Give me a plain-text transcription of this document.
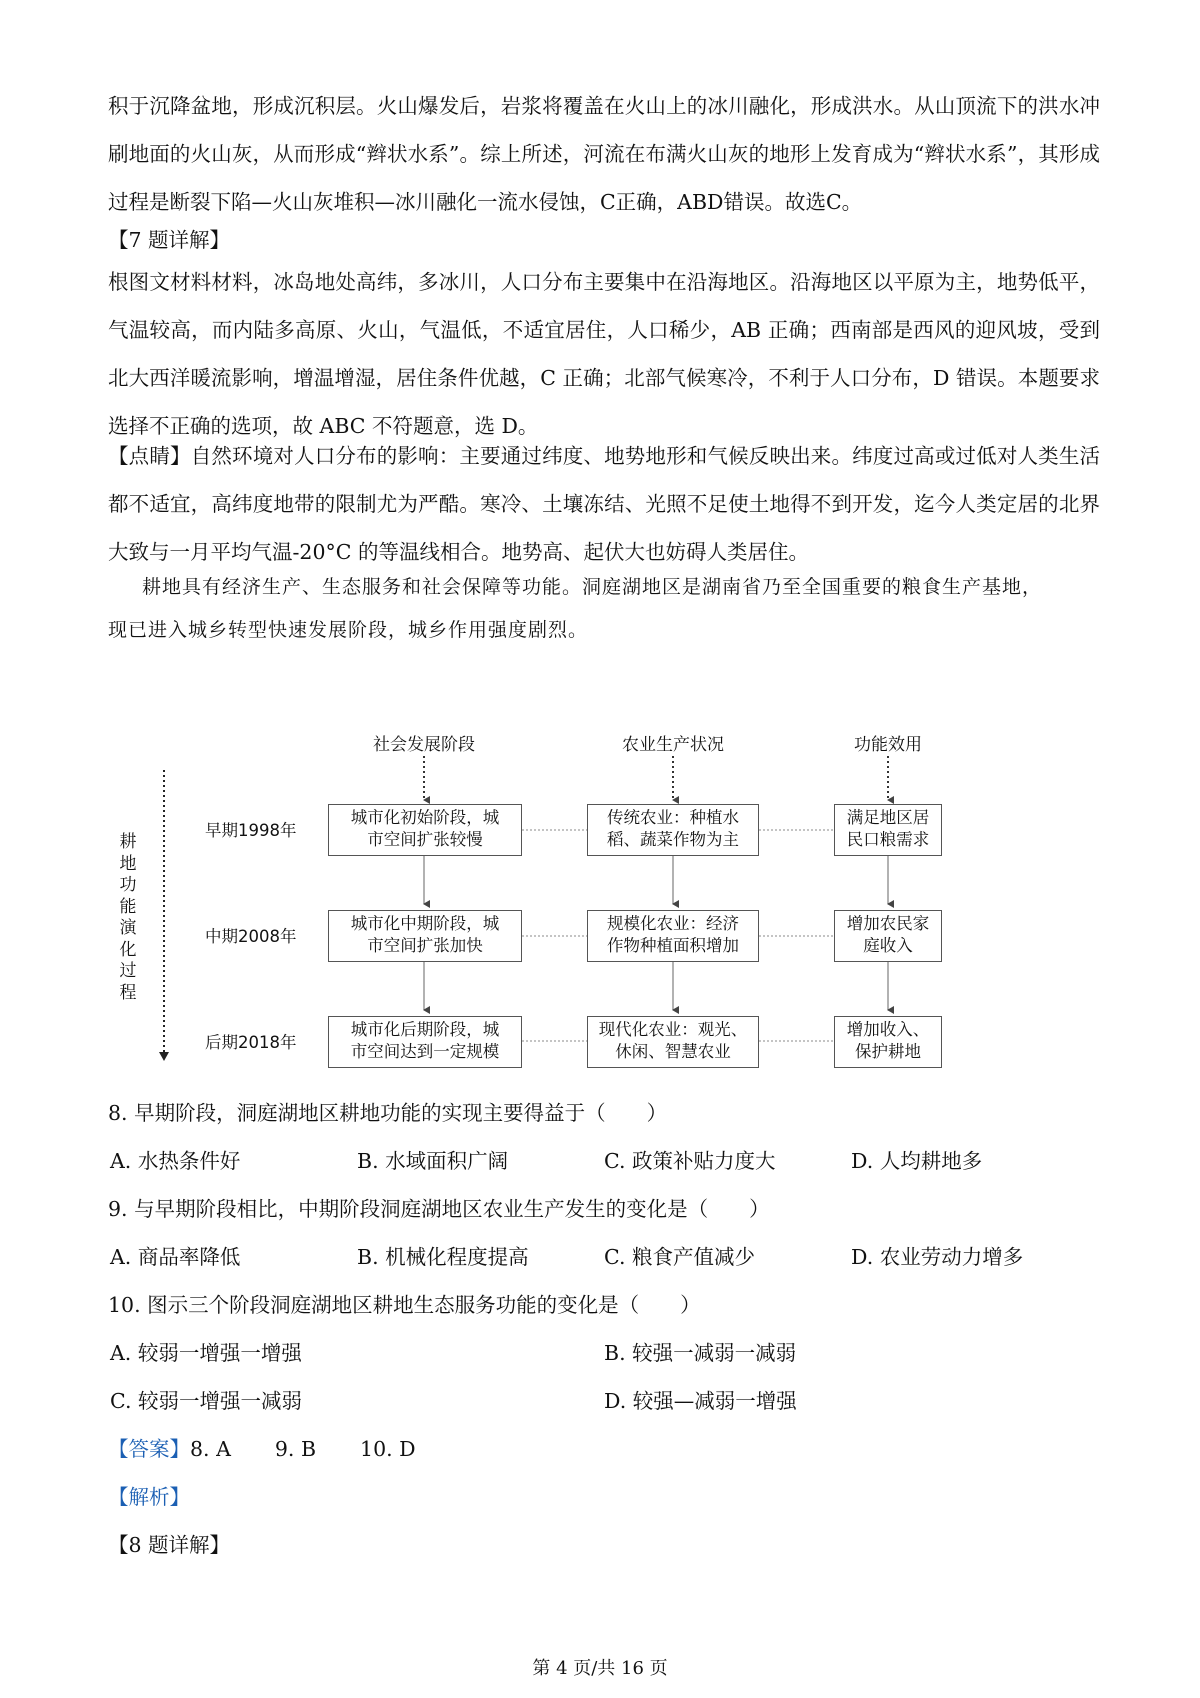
积于沉降盆地，形成沉积层。火山爆发后，岩浆将覆盖在火山上的冰川融化，形成洪水。从山顶流下的洪水冲刷地面的火山灰，从而形成“辫状水系”。综上所述，河流在布满火山灰的地形上发育成为“辫状水系”，其形成过程是断裂下陷—火山灰堆积—冰川融化一流水侵蚀，C正确，ABD错误。故选C。

【7 题详解】

根图文材料材料，冰岛地处高纬，多冰川，人口分布主要集中在沿海地区。沿海地区以平原为主，地势低平，气温较高，而内陆多高原、火山，气温低，不适宜居住，人口稀少，AB 正确；西南部是西风的迎风坡，受到北大西洋暖流影响，增温增湿，居住条件优越，C 正确；北部气候寒冷，不利于人口分布，D 错误。本题要求选择不正确的选项，故 ABC 不符题意，选 D。

【点睛】自然环境对人口分布的影响：主要通过纬度、地势地形和气候反映出来。纬度过高或过低对人类生活都不适宜，高纬度地带的限制尤为严酷。寒冷、土壤冻结、光照不足使土地得不到开发，迄今人类定居的北界大致与一月平均气温-20°C 的等温线相合。地势高、起伏大也妨碍人类居住。

耕地具有经济生产、生态服务和社会保障等功能。洞庭湖地区是湖南省乃至全国重要的粮食生产基地，

现已进入城乡转型快速发展阶段，城乡作用强度剧烈。

社会发展阶段	农业生产状况	功能效用
耕地功能演化过程
早期1998年
中期2008年
后期2018年
城市化初始阶段，城
市空间扩张较慢
传统农业：种植水
稻、蔬菜作物为主
满足地区居
民口粮需求
城市化中期阶段，城
市空间扩张加快
规模化农业：经济
作物种植面积增加
增加农民家
庭收入
城市化后期阶段，城
市空间达到一定规模
现代化农业：观光、
休闲、智慧农业
增加收入、
保护耕地

8. 早期阶段，洞庭湖地区耕地功能的实现主要得益于（　　）

A. 水热条件好	B. 水域面积广阔	C. 政策补贴力度大	D. 人均耕地多

9. 与早期阶段相比，中期阶段洞庭湖地区农业生产发生的变化是（　　）

A. 商品率降低	B. 机械化程度提高	C. 粮食产值减少	D. 农业劳动力增多

10. 图示三个阶段洞庭湖地区耕地生态服务功能的变化是（　　）

A. 较弱一增强一增强	B. 较强一减弱一减弱
C. 较弱一增强一减弱	D. 较强—减弱一增强

【答案】8. A 9. B 10. D

【解析】

【8 题详解】

第 4 页/共 16 页
